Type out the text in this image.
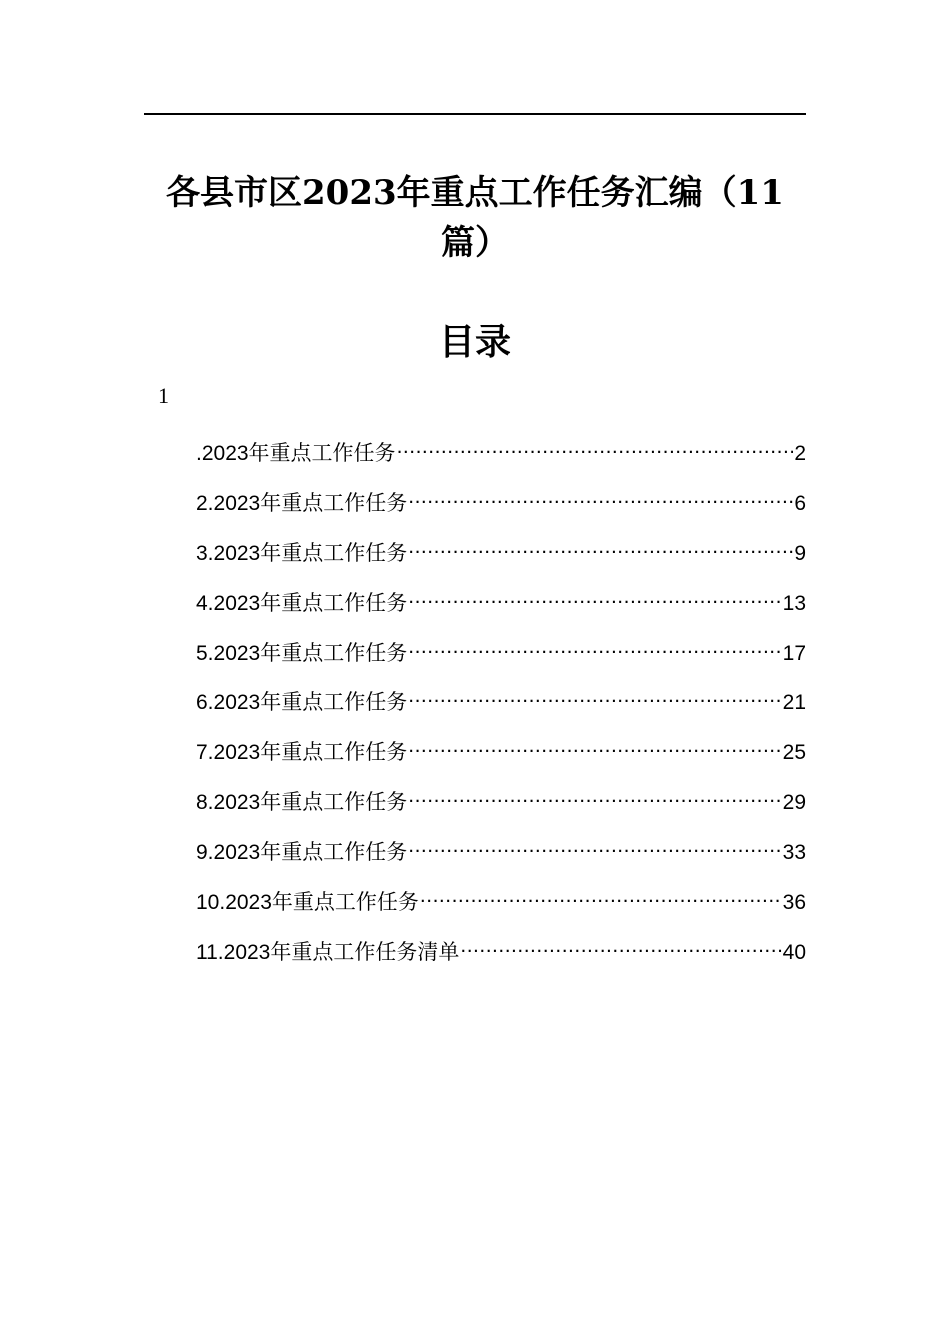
各县市区2023年重点工作任务汇编（11篇）
目录
1
.2023年重点工作任务 .....	2
2.2023年重点工作任务 .....	6
3.2023年重点工作任务 .....	9
4.2023年重点工作任务 .....	13
5.2023年重点工作任务 .....	17
6.2023年重点工作任务 .....	21
7.2023年重点工作任务 .....	25
8.2023年重点工作任务 .....	29
9.2023年重点工作任务 .....	33
10.2023年重点工作任务 .....	36
11.2023年重点工作任务清单 .....	40
